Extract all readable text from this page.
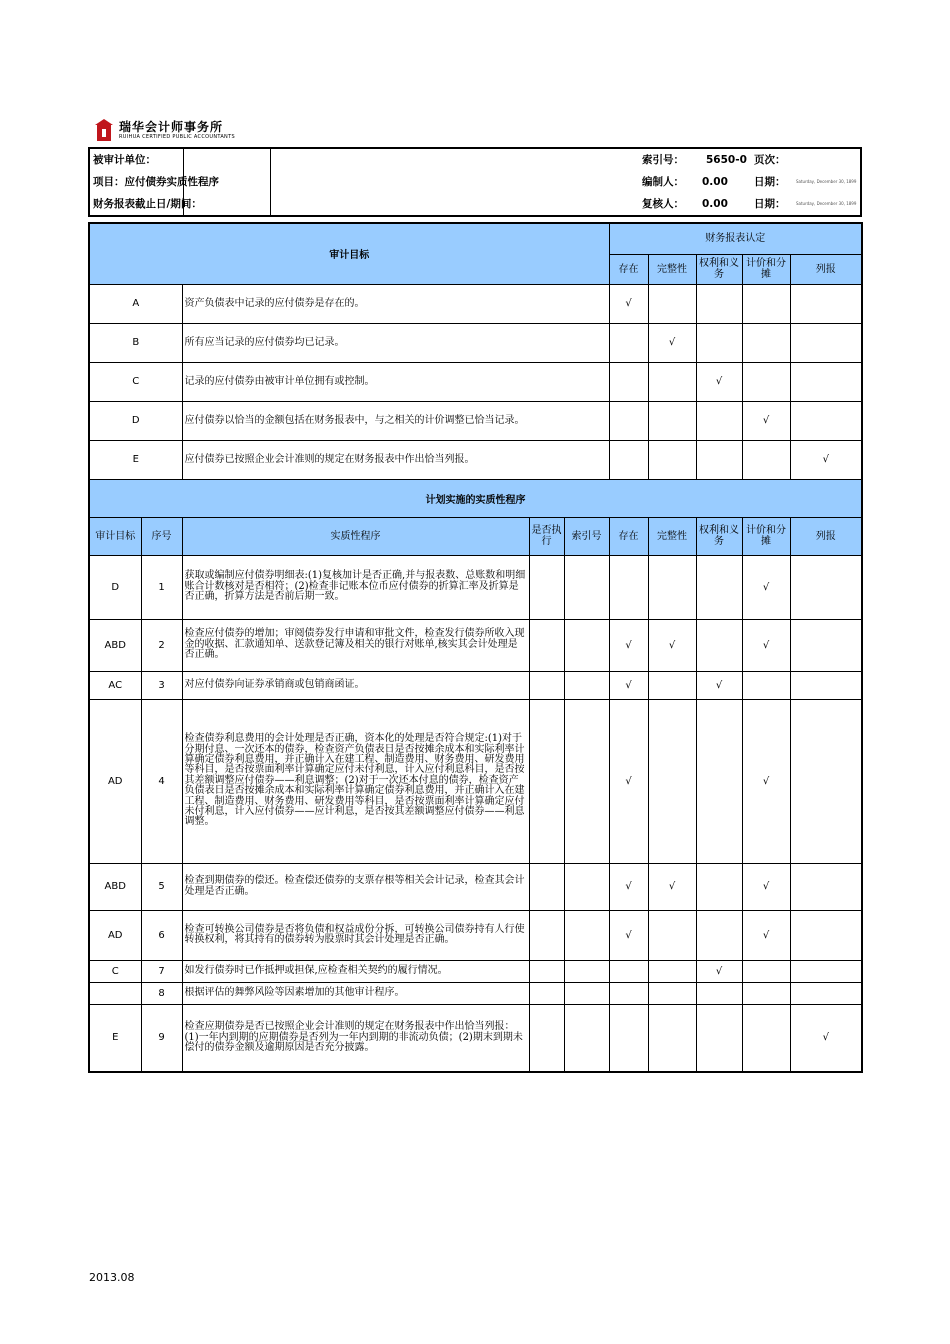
瑞华会计师事务所
RUIHUA CERTIFIED PUBLIC ACCOUNTANTS
被审计单位：
项目：应付债券实质性程序
财务报表截止日/期间：
索引号： 5650-0 页次：
编制人： 0.00 日期：	Saturday, December 30, 1899
复核人： 0.00 日期：	Saturday, December 30, 1899
审计目标					财务报表认定				
					存在	完整性	权利和义务	计价和分摊	列报
A		资产负债表中记录的应付债券是存在的。			√				
B		所有应当记录的应付债券均已记录。				√			
C		记录的应付债券由被审计单位拥有或控制。					√		
D		应付债券以恰当的金额包括在财务报表中，与之相关的计价调整已恰当记录。						√	
E		应付债券已按照企业会计准则的规定在财务报表中作出恰当列报。							√
计划实施的实质性程序									
审计目标	序号	实质性程序	是否执行	索引号	存在	完整性	权利和义务	计价和分摊	列报
D	1	获取或编制应付债券明细表:(1)复核加计是否正确,并与报表数、总账数和明细账合计数核对是否相符；(2)检查非记账本位币应付债券的折算汇率及折算是否正确，折算方法是否前后期一致。						√	
ABD	2	检查应付债券的增加；审阅债券发行申请和审批文件，检查发行债券所收入现金的收据、汇款通知单、送款登记簿及相关的银行对账单,核实其会计处理是否正确。			√	√		√	
AC	3	对应付债券向证券承销商或包销商函证。			√		√		
AD	4	检查债券利息费用的会计处理是否正确，资本化的处理是否符合规定:(1)对于分期付息、一次还本的债券，检查资产负债表日是否按摊余成本和实际利率计算确定债券利息费用，并正确计入在建工程、制造费用、财务费用、研发费用等科目，是否按票面利率计算确定应付未付利息，计入应付利息科目，是否按其差额调整应付债券——利息调整；(2)对于一次还本付息的债券，检查资产负债表日是否按摊余成本和实际利率计算确定债券利息费用，并正确计入在建工程、制造费用、财务费用、研发费用等科目，是否按票面利率计算确定应付未付利息，计入应付债券——应计利息，是否按其差额调整应付债券——利息调整。			√			√	
ABD	5	检查到期债券的偿还。检查偿还债券的支票存根等相关会计记录，检查其会计处理是否正确。			√	√		√	
AD	6	检查可转换公司债券是否将负债和权益成份分拆，可转换公司债券持有人行使转换权利，将其持有的债券转为股票时其会计处理是否正确。			√			√	
C	7	如发行债券时已作抵押或担保,应检查相关契约的履行情况。					√		
	8	根据评估的舞弊风险等因素增加的其他审计程序。							
E	9	检查应期债券是否已按照企业会计准则的规定在财务报表中作出恰当列报：(1)一年内到期的应期债券是否列为一年内到期的非流动负债；(2)期末到期未偿付的债券金额及逾期原因是否充分披露。							√
2013.08
